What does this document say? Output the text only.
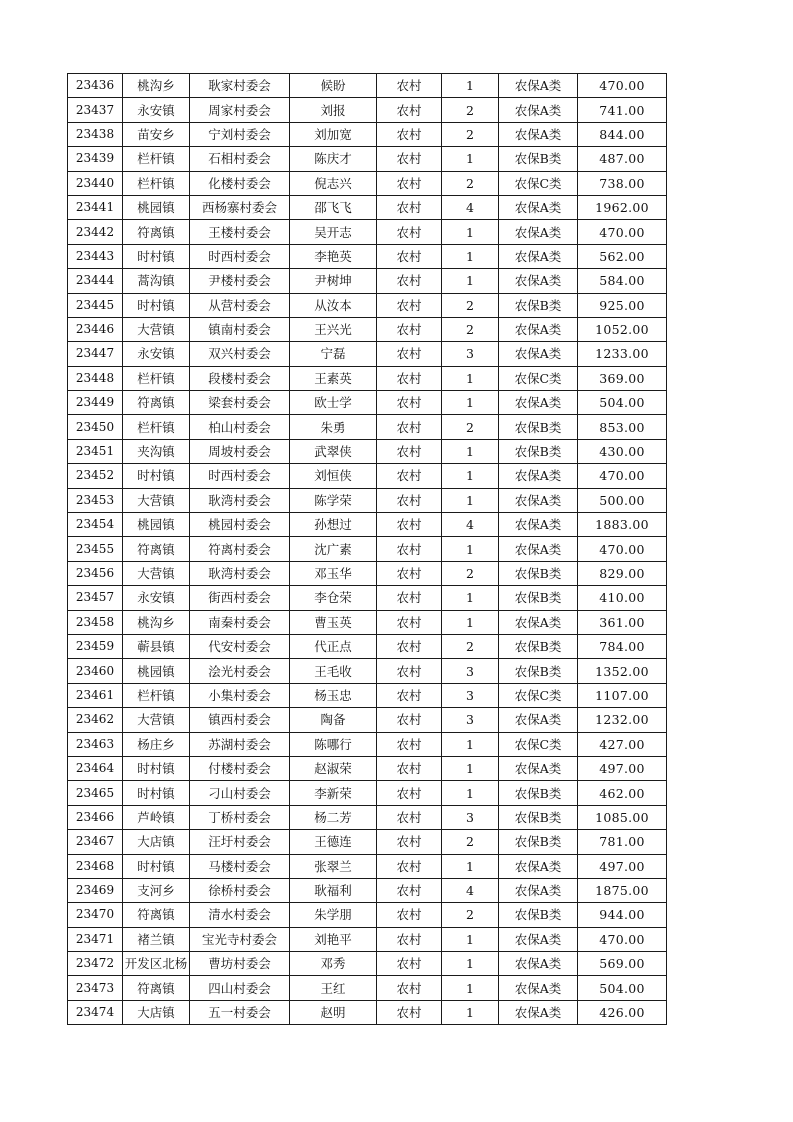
23436	桃沟乡	耿家村委会	候盼	农村	1	农保A类	470.00
23437	永安镇	周家村委会	刘报	农村	2	农保A类	741.00
23438	苗安乡	宁刘村委会	刘加宽	农村	2	农保A类	844.00
23439	栏杆镇	石相村委会	陈庆才	农村	1	农保B类	487.00
23440	栏杆镇	化楼村委会	倪志兴	农村	2	农保C类	738.00
23441	桃园镇	西杨寨村委会	邵飞飞	农村	4	农保A类	1962.00
23442	符离镇	王楼村委会	吴开志	农村	1	农保A类	470.00
23443	时村镇	时西村委会	李艳英	农村	1	农保A类	562.00
23444	蒿沟镇	尹楼村委会	尹树坤	农村	1	农保A类	584.00
23445	时村镇	从营村委会	从汝本	农村	2	农保B类	925.00
23446	大营镇	镇南村委会	王兴光	农村	2	农保A类	1052.00
23447	永安镇	双兴村委会	宁磊	农村	3	农保A类	1233.00
23448	栏杆镇	段楼村委会	王素英	农村	1	农保C类	369.00
23449	符离镇	梁套村委会	欧士学	农村	1	农保A类	504.00
23450	栏杆镇	柏山村委会	朱勇	农村	2	农保B类	853.00
23451	夹沟镇	周坡村委会	武翠侠	农村	1	农保B类	430.00
23452	时村镇	时西村委会	刘恒侠	农村	1	农保A类	470.00
23453	大营镇	耿湾村委会	陈学荣	农村	1	农保A类	500.00
23454	桃园镇	桃园村委会	孙想过	农村	4	农保A类	1883.00
23455	符离镇	符离村委会	沈广素	农村	1	农保A类	470.00
23456	大营镇	耿湾村委会	邓玉华	农村	2	农保B类	829.00
23457	永安镇	街西村委会	李仓荣	农村	1	农保B类	410.00
23458	桃沟乡	南秦村委会	曹玉英	农村	1	农保A类	361.00
23459	蕲县镇	代安村委会	代正点	农村	2	农保B类	784.00
23460	桃园镇	浍光村委会	王毛收	农村	3	农保B类	1352.00
23461	栏杆镇	小集村委会	杨玉忠	农村	3	农保C类	1107.00
23462	大营镇	镇西村委会	陶备	农村	3	农保A类	1232.00
23463	杨庄乡	苏湖村委会	陈哪行	农村	1	农保C类	427.00
23464	时村镇	付楼村委会	赵淑荣	农村	1	农保A类	497.00
23465	时村镇	刁山村委会	李新荣	农村	1	农保B类	462.00
23466	芦岭镇	丁桥村委会	杨二芳	农村	3	农保B类	1085.00
23467	大店镇	汪圩村委会	王德连	农村	2	农保B类	781.00
23468	时村镇	马楼村委会	张翠兰	农村	1	农保A类	497.00
23469	支河乡	徐桥村委会	耿福利	农村	4	农保A类	1875.00
23470	符离镇	清水村委会	朱学朋	农村	2	农保B类	944.00
23471	褚兰镇	宝光寺村委会	刘艳平	农村	1	农保A类	470.00
23472	开发区北杨	曹坊村委会	邓秀	农村	1	农保A类	569.00
23473	符离镇	四山村委会	王红	农村	1	农保A类	504.00
23474	大店镇	五一村委会	赵明	农村	1	农保A类	426.00
